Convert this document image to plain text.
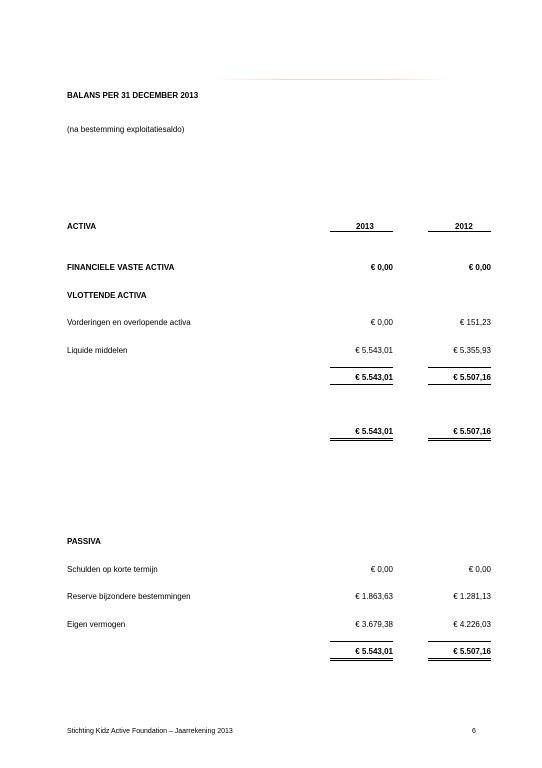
BALANS PER 31 DECEMBER 2013
(na bestemming exploitatiesaldo)
ACTIVA	2013	2012
FINANCIELE VASTE ACTIVA	€ 0,00	€ 0,00
VLOTTENDE ACTIVA
Vorderingen en overlopende activa	€ 0,00	€ 151,23
Liquide middelen	€ 5.543,01	€ 5.355,93
€ 5.543,01	€ 5.507,16
€ 5.543,01	€ 5.507,16
PASSIVA
Schulden op korte termijn	€ 0,00	€ 0,00
Reserve bijzondere bestemmingen	€ 1.863,63	€ 1.281,13
Eigen vermogen	€ 3.679,38	€ 4.226,03
€ 5.543,01	€ 5.507,16
Stichting Kidz Active Foundation – Jaarrekening 2013	6
